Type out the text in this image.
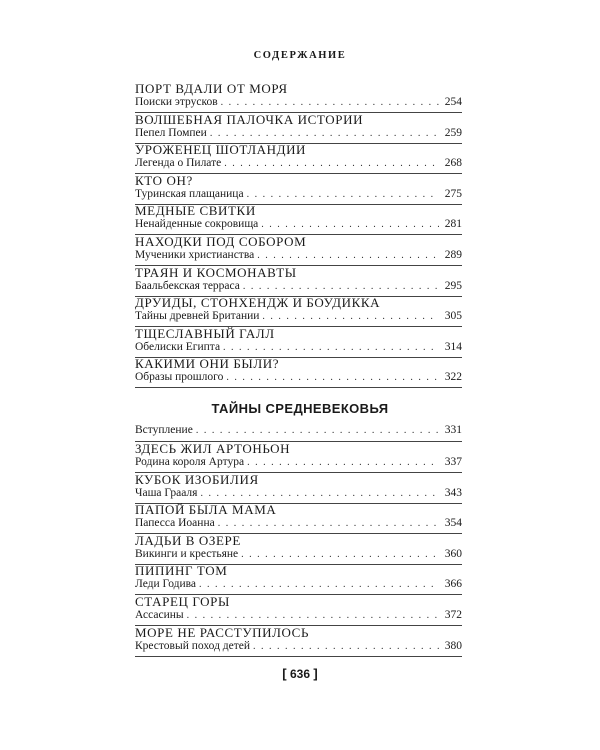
СОДЕРЖАНИЕ
ПОРТ ВДАЛИ ОТ МОРЯ
Поиски этрусков . . .	254
ВОЛШЕБНАЯ ПАЛОЧКА ИСТОРИИ
Пепел Помпеи . . .	259
УРОЖЕНЕЦ ШОТЛАНДИИ
Легенда о Пилате . . .	268
КТО ОН?
Туринская плащаница . . .	275
МЕДНЫЕ СВИТКИ
Ненайденные сокровища . . .	281
НАХОДКИ ПОД СОБОРОМ
Мученики христианства . . .	289
ТРАЯН И КОСМОНАВТЫ
Баальбекская терраса . . .	295
ДРУИДЫ, СТОНХЕНДЖ И БОУДИККА
Тайны древней Британии . . .	305
ТЩЕСЛАВНЫЙ ГАЛЛ
Обелиски Египта . . .	314
КАКИМИ ОНИ БЫЛИ?
Образы прошлого . . .	322
ТАЙНЫ СРЕДНЕВЕКОВЬЯ
Вступление . . .	331
ЗДЕСЬ ЖИЛ АРТОНЬОН
Родина короля Артура . . .	337
КУБОК ИЗОБИЛИЯ
Чаша Грааля . . .	343
ПАПОЙ БЫЛА МАМА
Папесса Иоанна . . .	354
ЛАДЬИ В ОЗЕРЕ
Викинги и крестьяне . . .	360
ПИПИНГ ТОМ
Леди Годива . . .	366
СТАРЕЦ ГОРЫ
Ассасины . . .	372
МОРЕ НЕ РАССТУПИЛОСЬ
Крестовый поход детей . . .	380
[ 636 ]
